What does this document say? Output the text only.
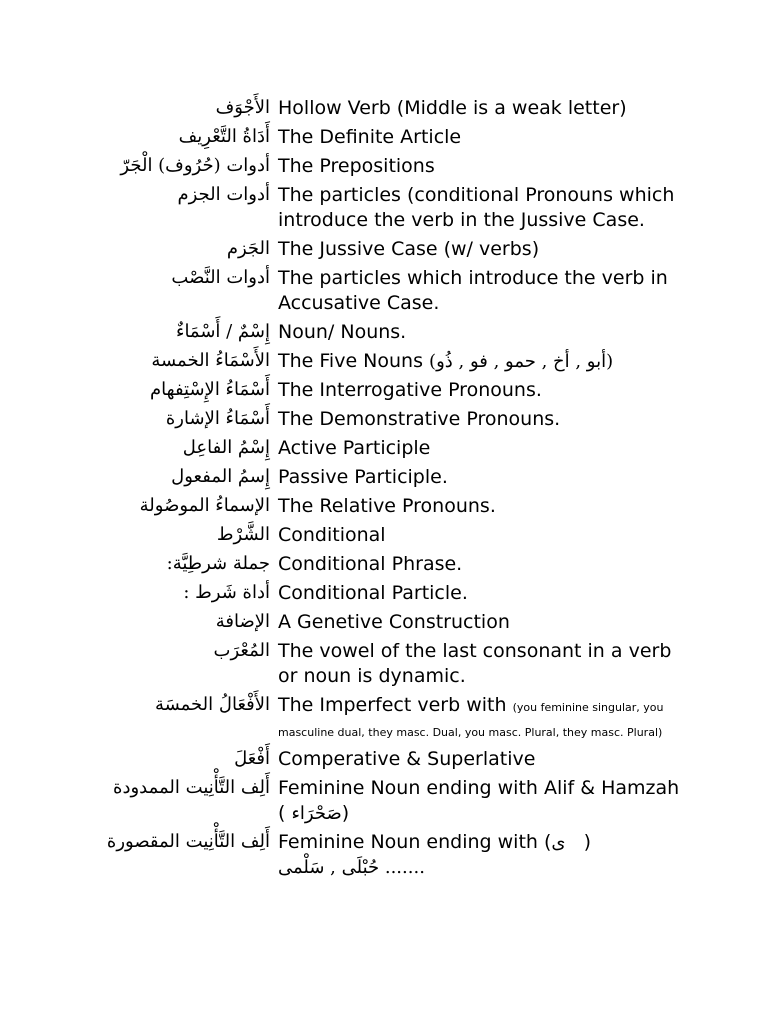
الأَجْوَف Hollow Verb (Middle is a weak letter)
أَدَاةُ التَّعْرِيف The Definite Article
أدوات (حُرُوف) الْجَرّ The Prepositions
أدوات الجزم The particles (conditional Pronouns which introduce the verb in the Jussive Case.
الجَزم The Jussive Case (w/ verbs)
أدوات النَّصْب The particles which introduce the verb in Accusative Case.
إِسْمٌ / أَسْمَاءٌ Noun/ Nouns.
الأَسْمَاءُ الخمسة The Five Nouns (أبو , أخ , حمو , فو , ذُو)
أَسْمَاءُ الإِسْتِفهام The Interrogative Pronouns.
أَسْمَاءُ الإشارة The Demonstrative Pronouns.
إِسْمُ الفاعِل Active Participle
إِسمُ المفعول Passive Participle.
الإسماءُ الموصُولة The Relative Pronouns.
الشَّرْط Conditional
جملة شرطِيَّة: Conditional Phrase.
أداة شَرط : Conditional Particle.
الإضافة A Genetive Construction
المُعْرَب The vowel of the last consonant in a verb or noun is dynamic.
الأَفْعَالُ الخمسَة The Imperfect verb with (you feminine singular, you masculine dual, they masc. Dual, you masc. Plural, they masc. Plural)
أَفْعَلَ Comperative & Superlative
أَلِف التَّأْنِيت الممدودة Feminine Noun ending with Alif & Hamzah ( صَحْرَاء)
أَلِف التَّأْنِيت المقصورة Feminine Noun ending with (ى )
حُبْلَى , سَلْمى .......
